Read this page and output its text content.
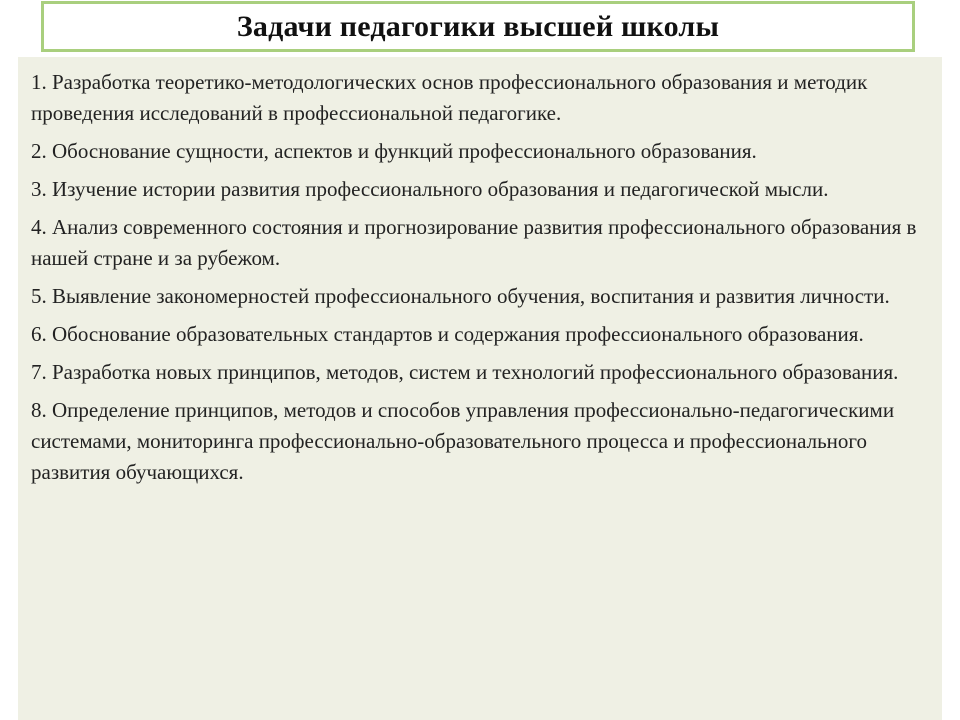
Задачи педагогики высшей школы
1. Разработка теоретико-методологических основ профессионального образования и методик проведения исследований в профессиональной педагогике.
2. Обоснование сущности, аспектов и функций профессионального образования.
3. Изучение истории развития профессионального образования и педагогической мысли.
4. Анализ современного состояния и прогнозирование развития профессионального образования в нашей стране и за рубежом.
5. Выявление закономерностей профессионального обучения, воспитания и развития личности.
6. Обоснование образовательных стандартов и содержания профессионального образования.
7. Разработка новых принципов, методов, систем и технологий профессионального образования.
8. Определение принципов, методов и способов управления профессионально-педагогическими системами, мониторинга профессионально-образовательного процесса и профессионального развития обучающихся.
